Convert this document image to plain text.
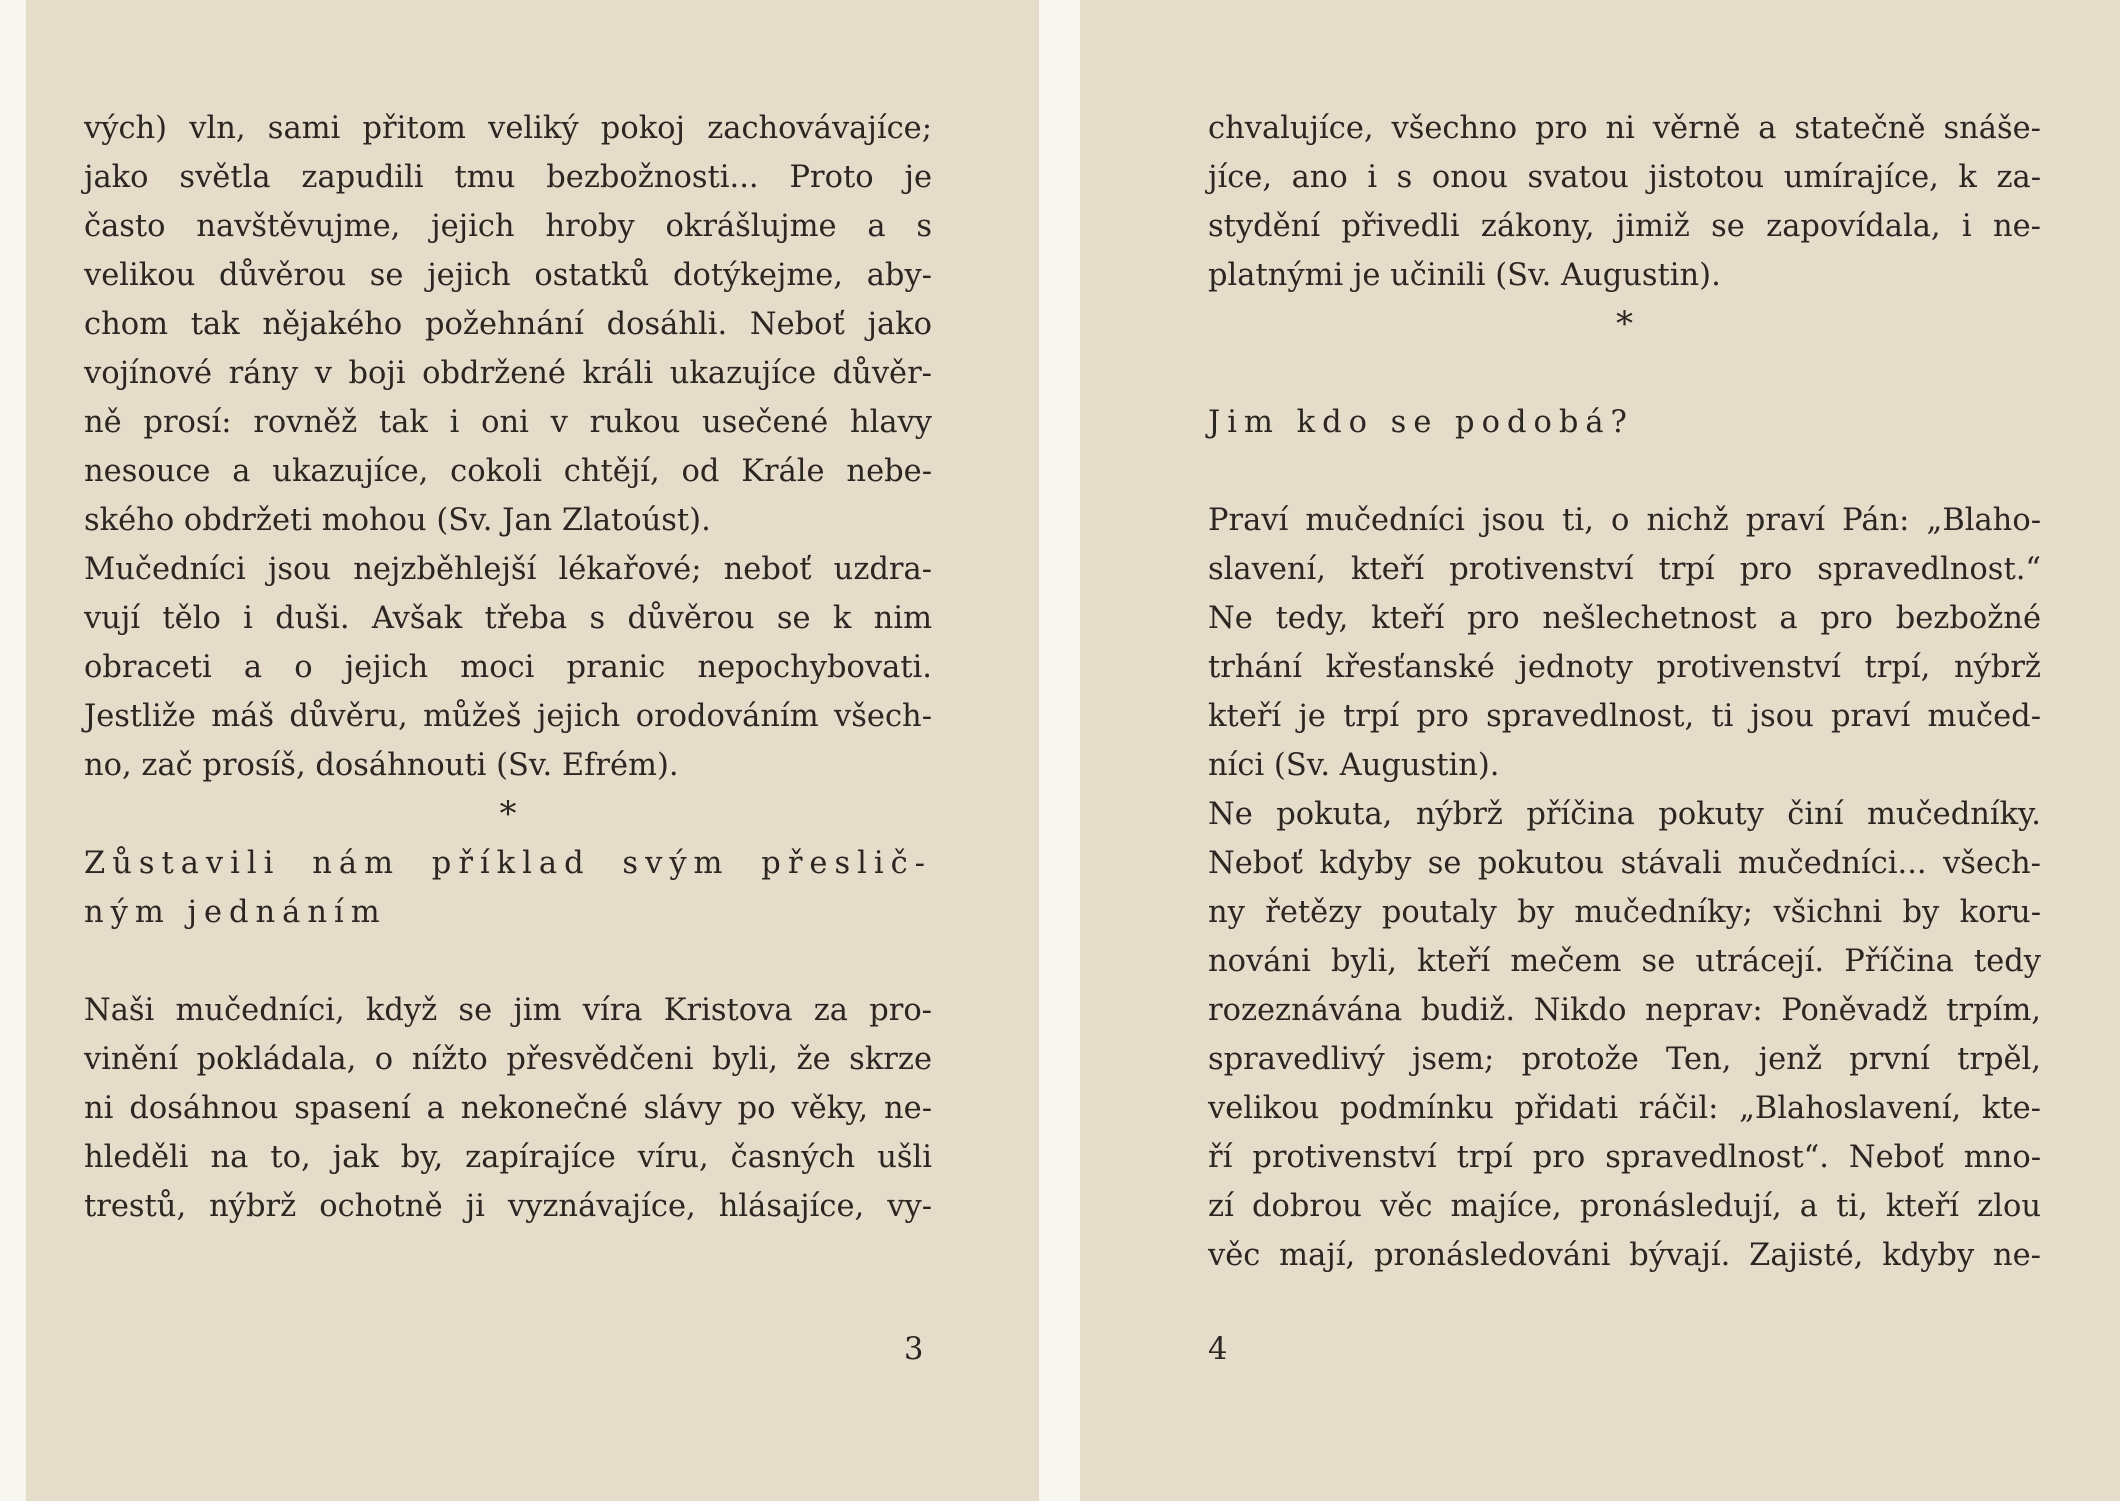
vých) vln, sami přitom veliký pokoj zachovávajíce;
jako světla zapudili tmu bezbožnosti... Proto je
často navštěvujme, jejich hroby okrášlujme a s
velikou důvěrou se jejich ostatků dotýkejme, aby-
chom tak nějakého požehnání dosáhli. Neboť jako
vojínové rány v boji obdržené králi ukazujíce důvěr-
ně prosí: rovněž tak i oni v rukou usečené hlavy
nesouce a ukazujíce, cokoli chtějí, od Krále nebe-
ského obdržeti mohou (Sv. Jan Zlatoúst).
Mučedníci jsou nejzběhlejší lékařové; neboť uzdra-
vují tělo i duši. Avšak třeba s důvěrou se k nim
obraceti a o jejich moci pranic nepochybovati.
Jestliže máš důvěru, můžeš jejich orodováním všech-
no, zač prosíš, dosáhnouti (Sv. Efrém).
*
Zůstavili nám příklad svým přeslič-
ným jednáním
Naši mučedníci, když se jim víra Kristova za pro-
vinění pokládala, o nížto přesvědčeni byli, že skrze
ni dosáhnou spasení a nekonečné slávy po věky, ne-
hleděli na to, jak by, zapírajíce víru, časných ušli
trestů, nýbrž ochotně ji vyznávajíce, hlásajíce, vy-
3
chvalujíce, všechno pro ni věrně a statečně snáše-
jíce, ano i s onou svatou jistotou umírajíce, k za-
stydění přivedli zákony, jimiž se zapovídala, i ne-
platnými je učinili (Sv. Augustin).
*
Jim kdo se podobá?
Praví mučedníci jsou ti, o nichž praví Pán: „Blaho-
slavení, kteří protivenství trpí pro spravedlnost.“
Ne tedy, kteří pro nešlechetnost a pro bezbožné
trhání křesťanské jednoty protivenství trpí, nýbrž
kteří je trpí pro spravedlnost, ti jsou praví mučed-
níci (Sv. Augustin).
Ne pokuta, nýbrž příčina pokuty činí mučedníky.
Neboť kdyby se pokutou stávali mučedníci... všech-
ny řetězy poutaly by mučedníky; všichni by koru-
nováni byli, kteří mečem se utrácejí. Příčina tedy
rozeznávána budiž. Nikdo neprav: Poněvadž trpím,
spravedlivý jsem; protože Ten, jenž první trpěl,
velikou podmínku přidati ráčil: „Blahoslavení, kte-
ří protivenství trpí pro spravedlnost“. Neboť mno-
zí dobrou věc majíce, pronásledují, a ti, kteří zlou
věc mají, pronásledováni bývají. Zajisté, kdyby ne-
4
